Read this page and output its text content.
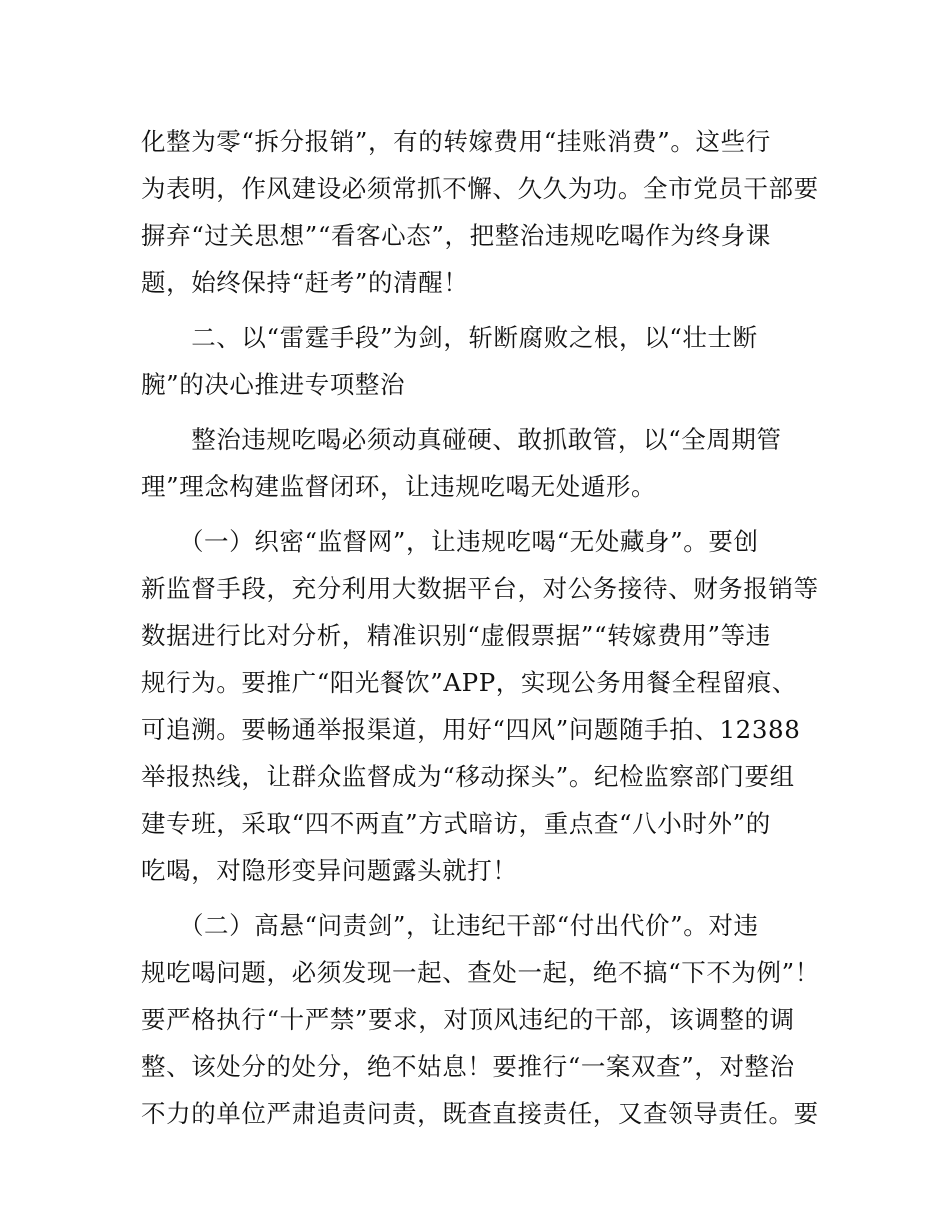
化整为零“拆分报销”，有的转嫁费用“挂账消费”。这些行
为表明，作风建设必须常抓不懈、久久为功。全市党员干部要
摒弃“过关思想”“看客心态”，把整治违规吃喝作为终身课
题，始终保持“赶考”的清醒！

　　二、以“雷霆手段”为剑，斩断腐败之根，以“壮士断
腕”的决心推进专项整治

　　整治违规吃喝必须动真碰硬、敢抓敢管，以“全周期管
理”理念构建监督闭环，让违规吃喝无处遁形。

　　（一）织密“监督网”，让违规吃喝“无处藏身”。要创
新监督手段，充分利用大数据平台，对公务接待、财务报销等
数据进行比对分析，精准识别“虚假票据”“转嫁费用”等违
规行为。要推广“阳光餐饮”APP，实现公务用餐全程留痕、
可追溯。要畅通举报渠道，用好“四风”问题随手拍、12388
举报热线，让群众监督成为“移动探头”。纪检监察部门要组
建专班，采取“四不两直”方式暗访，重点查“八小时外”的
吃喝，对隐形变异问题露头就打！

　　（二）高悬“问责剑”，让违纪干部“付出代价”。对违
规吃喝问题，必须发现一起、查处一起，绝不搞“下不为例”！
要严格执行“十严禁”要求，对顶风违纪的干部，该调整的调
整、该处分的处分，绝不姑息！要推行“一案双查”，对整治
不力的单位严肃追责问责，既查直接责任，又查领导责任。要
